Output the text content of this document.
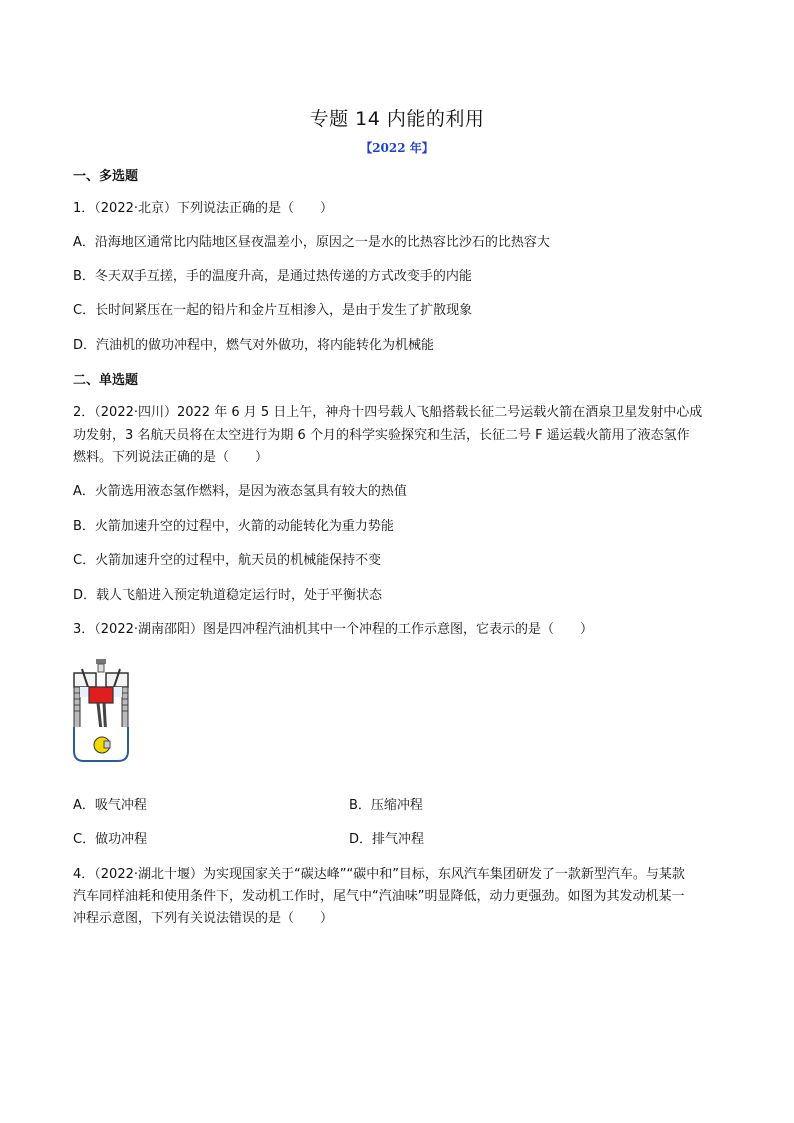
专题 14 内能的利用
【2022 年】
一、多选题
1．（2022·北京）下列说法正确的是（　　）
A．沿海地区通常比内陆地区昼夜温差小，原因之一是水的比热容比沙石的比热容大
B．冬天双手互搓，手的温度升高，是通过热传递的方式改变手的内能
C．长时间紧压在一起的铅片和金片互相渗入，是由于发生了扩散现象
D．汽油机的做功冲程中，燃气对外做功，将内能转化为机械能
二、单选题
2．（2022·四川）2022 年 6 月 5 日上午，神舟十四号载人飞船搭载长征二号运载火箭在酒泉卫星发射中心成
功发射，3 名航天员将在太空进行为期 6 个月的科学实验探究和生活，长征二号 F 遥运载火箭用了液态氢作
燃料。下列说法正确的是（　　）
A．火箭选用液态氢作燃料，是因为液态氢具有较大的热值
B．火箭加速升空的过程中，火箭的动能转化为重力势能
C．火箭加速升空的过程中，航天员的机械能保持不变
D．载人飞船进入预定轨道稳定运行时，处于平衡状态
3．（2022·湖南邵阳）图是四冲程汽油机其中一个冲程的工作示意图，它表示的是（　　）
A．吸气冲程	B．压缩冲程
C．做功冲程	D．排气冲程
4．（2022·湖北十堰）为实现国家关于“碳达峰”“碳中和”目标，东风汽车集团研发了一款新型汽车。与某款
汽车同样油耗和使用条件下，发动机工作时，尾气中“汽油味”明显降低，动力更强劲。如图为其发动机某一
冲程示意图，下列有关说法错误的是（　　）
